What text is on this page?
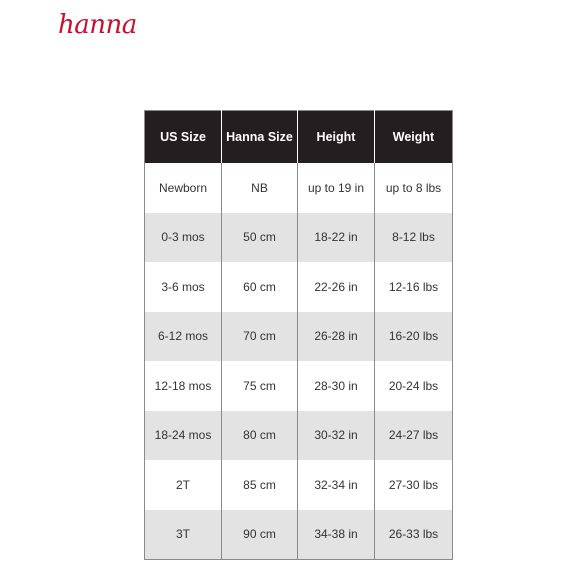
hanna
US Size	Hanna Size	Height	Weight
Newborn	NB	up to 19 in	up to 8 lbs
0-3 mos	50 cm	18-22 in	8-12 lbs
3-6 mos	60 cm	22-26 in	12-16 lbs
6-12 mos	70 cm	26-28 in	16-20 lbs
12-18 mos	75 cm	28-30 in	20-24 lbs
18-24 mos	80 cm	30-32 in	24-27 lbs
2T	85 cm	32-34 in	27-30 lbs
3T	90 cm	34-38 in	26-33 lbs
